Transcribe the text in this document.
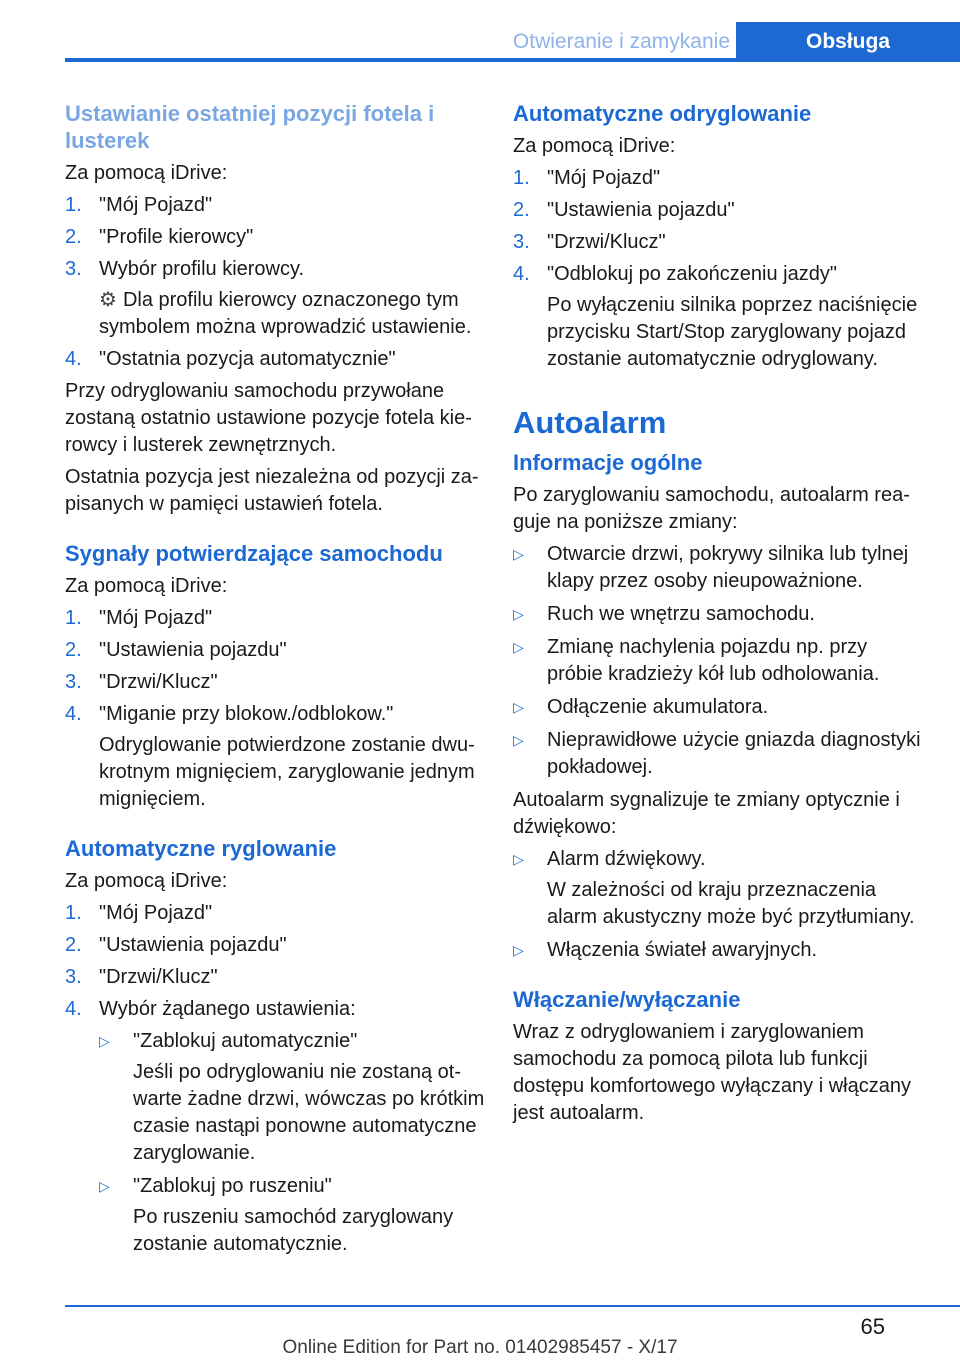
Otwieranie i zamykanie	Obsługa
Ustawianie ostatniej pozycji fotela i lusterek

Za pomocą iDrive:

1. "Mój Pojazd"
2. "Profile kierowcy"
3. Wybór profilu kierowcy.

⚙ Dla profilu kierowcy oznaczonego tym symbolem można wprowadzić ustawienie.

4. "Ostatnia pozycja automatycznie"

Przy odryglowaniu samochodu przywołane zostaną ostatnio ustawione pozycje fotela kierowcy i lusterek zewnętrznych.

Ostatnia pozycja jest niezależna od pozycji zapisanych w pamięci ustawień fotela.

Sygnały potwierdzające samochodu

Za pomocą iDrive:

1. "Mój Pojazd"
2. "Ustawienia pojazdu"
3. "Drzwi/Klucz"
4. "Miganie przy blokow./odblokow."

Odryglowanie potwierdzone zostanie dwukrotnym mignięciem, zaryglowanie jednym mignięciem.

Automatyczne ryglowanie

Za pomocą iDrive:

1. "Mój Pojazd"
2. "Ustawienia pojazdu"
3. "Drzwi/Klucz"
4. Wybór żądanego ustawienia:
▷ "Zablokuj automatycznie"

Jeśli po odryglowaniu nie zostaną otwarte żadne drzwi, wówczas po krótkim czasie nastąpi ponowne automatyczne zaryglowanie.

▷ "Zablokuj po ruszeniu"

Po ruszeniu samochód zaryglowany zostanie automatycznie.

Automatyczne odryglowanie

Za pomocą iDrive:

1. "Mój Pojazd"
2. "Ustawienia pojazdu"
3. "Drzwi/Klucz"
4. "Odblokuj po zakończeniu jazdy"

Po wyłączeniu silnika poprzez naciśnięcie przycisku Start/Stop zaryglowany pojazd zostanie automatycznie odryglowany.

Autoalarm
Informacje ogólne

Po zaryglowaniu samochodu, autoalarm reaguje na poniższe zmiany:

▷ Otwarcie drzwi, pokrywy silnika lub tylnej klapy przez osoby nieupoważnione.
▷ Ruch we wnętrzu samochodu.
▷ Zmianę nachylenia pojazdu np. przy próbie kradzieży kół lub odholowania.
▷ Odłączenie akumulatora.
▷ Nieprawidłowe użycie gniazda diagnostyki pokładowej.

Autoalarm sygnalizuje te zmiany optycznie i dźwiękowo:

▷ Alarm dźwiękowy.

W zależności od kraju przeznaczenia alarm akustyczny może być przytłumiany.

▷ Włączenia świateł awaryjnych.
Włączanie/wyłączanie

Wraz z odryglowaniem i zaryglowaniem samochodu za pomocą pilota lub funkcji dostępu komfortowego wyłączany i włączany jest autoalarm.

65
Online Edition for Part no. 01402985457 - X/17
